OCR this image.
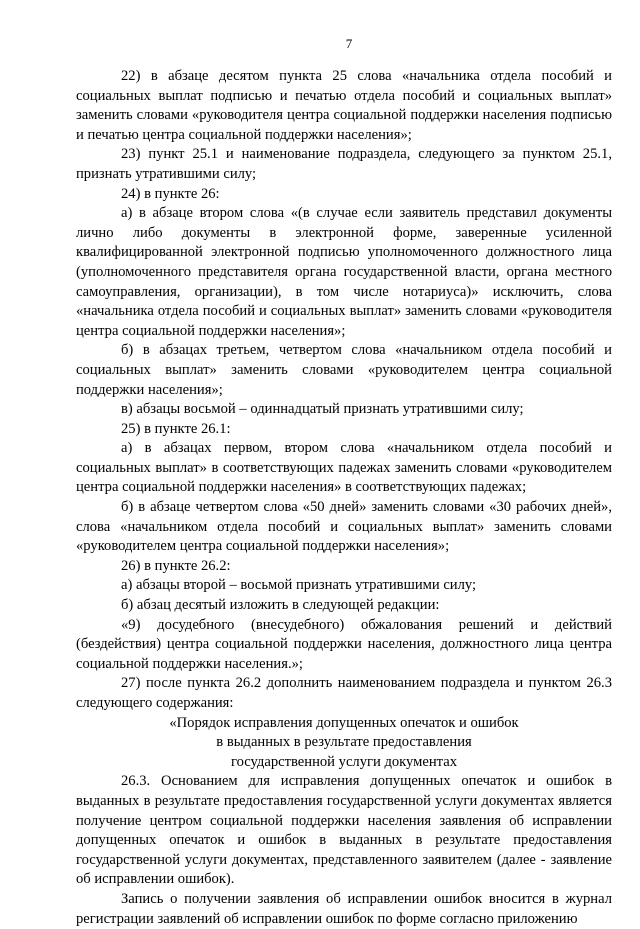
7

22) в абзаце десятом пункта 25 слова «начальника отдела пособий и социальных выплат подписью и печатью отдела пособий и социальных выплат» заменить словами «руководителя центра социальной поддержки населения подписью и печатью центра социальной поддержки населения»;

23) пункт 25.1 и наименование подраздела, следующего за пунктом 25.1, признать утратившими силу;

24) в пункте 26:

а) в абзаце втором слова «(в случае если заявитель представил документы лично либо документы в электронной форме, заверенные усиленной квалифицированной электронной подписью уполномоченного должностного лица (уполномоченного представителя органа государственной власти, органа местного самоуправления, организации), в том числе нотариуса)» исключить, слова «начальника отдела пособий и социальных выплат» заменить словами «руководителя центра социальной поддержки населения»;

б) в абзацах третьем, четвертом слова «начальником отдела пособий и социальных выплат» заменить словами «руководителем центра социальной поддержки населения»;

в) абзацы восьмой – одиннадцатый признать утратившими силу;

25) в пункте 26.1:

а) в абзацах первом, втором слова «начальником отдела пособий и социальных выплат» в соответствующих падежах заменить словами «руководителем центра социальной поддержки населения» в соответствующих падежах;

б) в абзаце четвертом слова «50 дней» заменить словами «30 рабочих дней», слова «начальником отдела пособий и социальных выплат» заменить словами «руководителем центра социальной поддержки населения»;

26) в пункте 26.2:

а) абзацы второй – восьмой признать утратившими силу;

б) абзац десятый изложить в следующей редакции:

«9) досудебного (внесудебного) обжалования решений и действий (бездействия) центра социальной поддержки населения, должностного лица центра социальной поддержки населения.»;

27) после пункта 26.2 дополнить наименованием подраздела и пунктом 26.3 следующего содержания:

«Порядок исправления допущенных опечаток и ошибок

в выданных в результате предоставления

государственной услуги документах

26.3. Основанием для исправления допущенных опечаток и ошибок в выданных в результате предоставления государственной услуги документах является получение центром социальной поддержки населения заявления об исправлении допущенных опечаток и ошибок в выданных в результате предоставления государственной услуги документах, представленного заявителем (далее - заявление об исправлении ошибок).

Запись о получении заявления об исправлении ошибок вносится в журнал регистрации заявлений об исправлении ошибок по форме согласно приложению
